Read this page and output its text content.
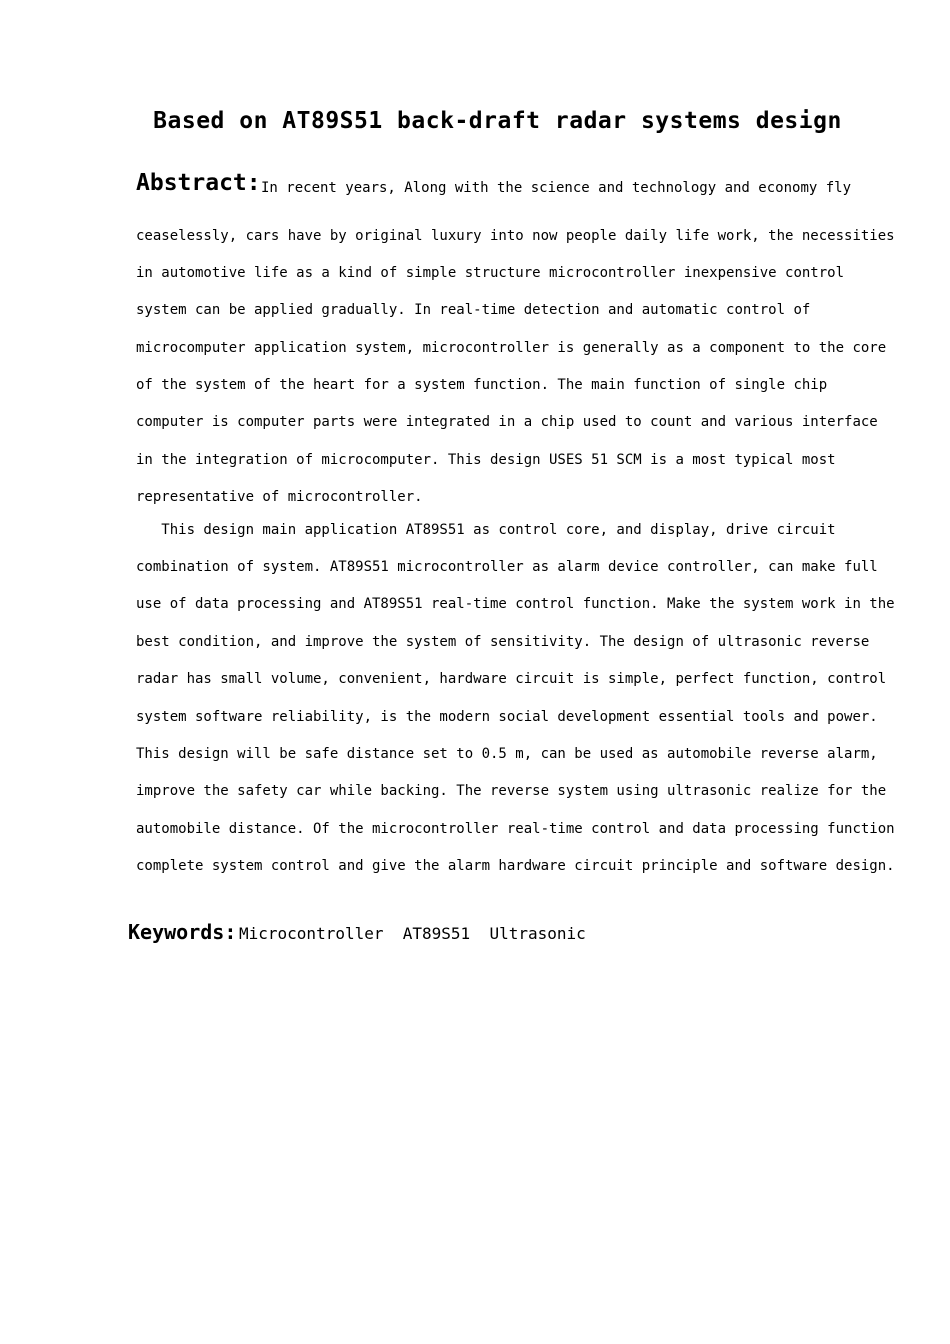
Based on AT89S51 back-draft radar systems design
Abstract: In recent years, Along with the science and technology and economy fly
ceaselessly, cars have by original luxury into now people daily life work, the necessities
in automotive life as a kind of simple structure microcontroller inexpensive control
system can be applied gradually. In real-time detection and automatic control of
microcomputer application system, microcontroller is generally as a component to the core
of the system of the heart for a system function. The main function of single chip
computer is computer parts were integrated in a chip used to count and various interface
in the integration of microcomputer. This design USES 51 SCM is a most typical most
representative of microcontroller.
This design main application AT89S51 as control core, and display, drive circuit
combination of system. AT89S51 microcontroller as alarm device controller, can make full
use of data processing and AT89S51 real-time control function. Make the system work in the
best condition, and improve the system of sensitivity. The design of ultrasonic reverse
radar has small volume, convenient, hardware circuit is simple, perfect function, control
system software reliability, is the modern social development essential tools and power.
This design will be safe distance set to 0.5 m, can be used as automobile reverse alarm,
improve the safety car while backing. The reverse system using ultrasonic realize for the
automobile distance. Of the microcontroller real-time control and data processing function
complete system control and give the alarm hardware circuit principle and software design.
Keywords: Microcontroller  AT89S51  Ultrasonic
